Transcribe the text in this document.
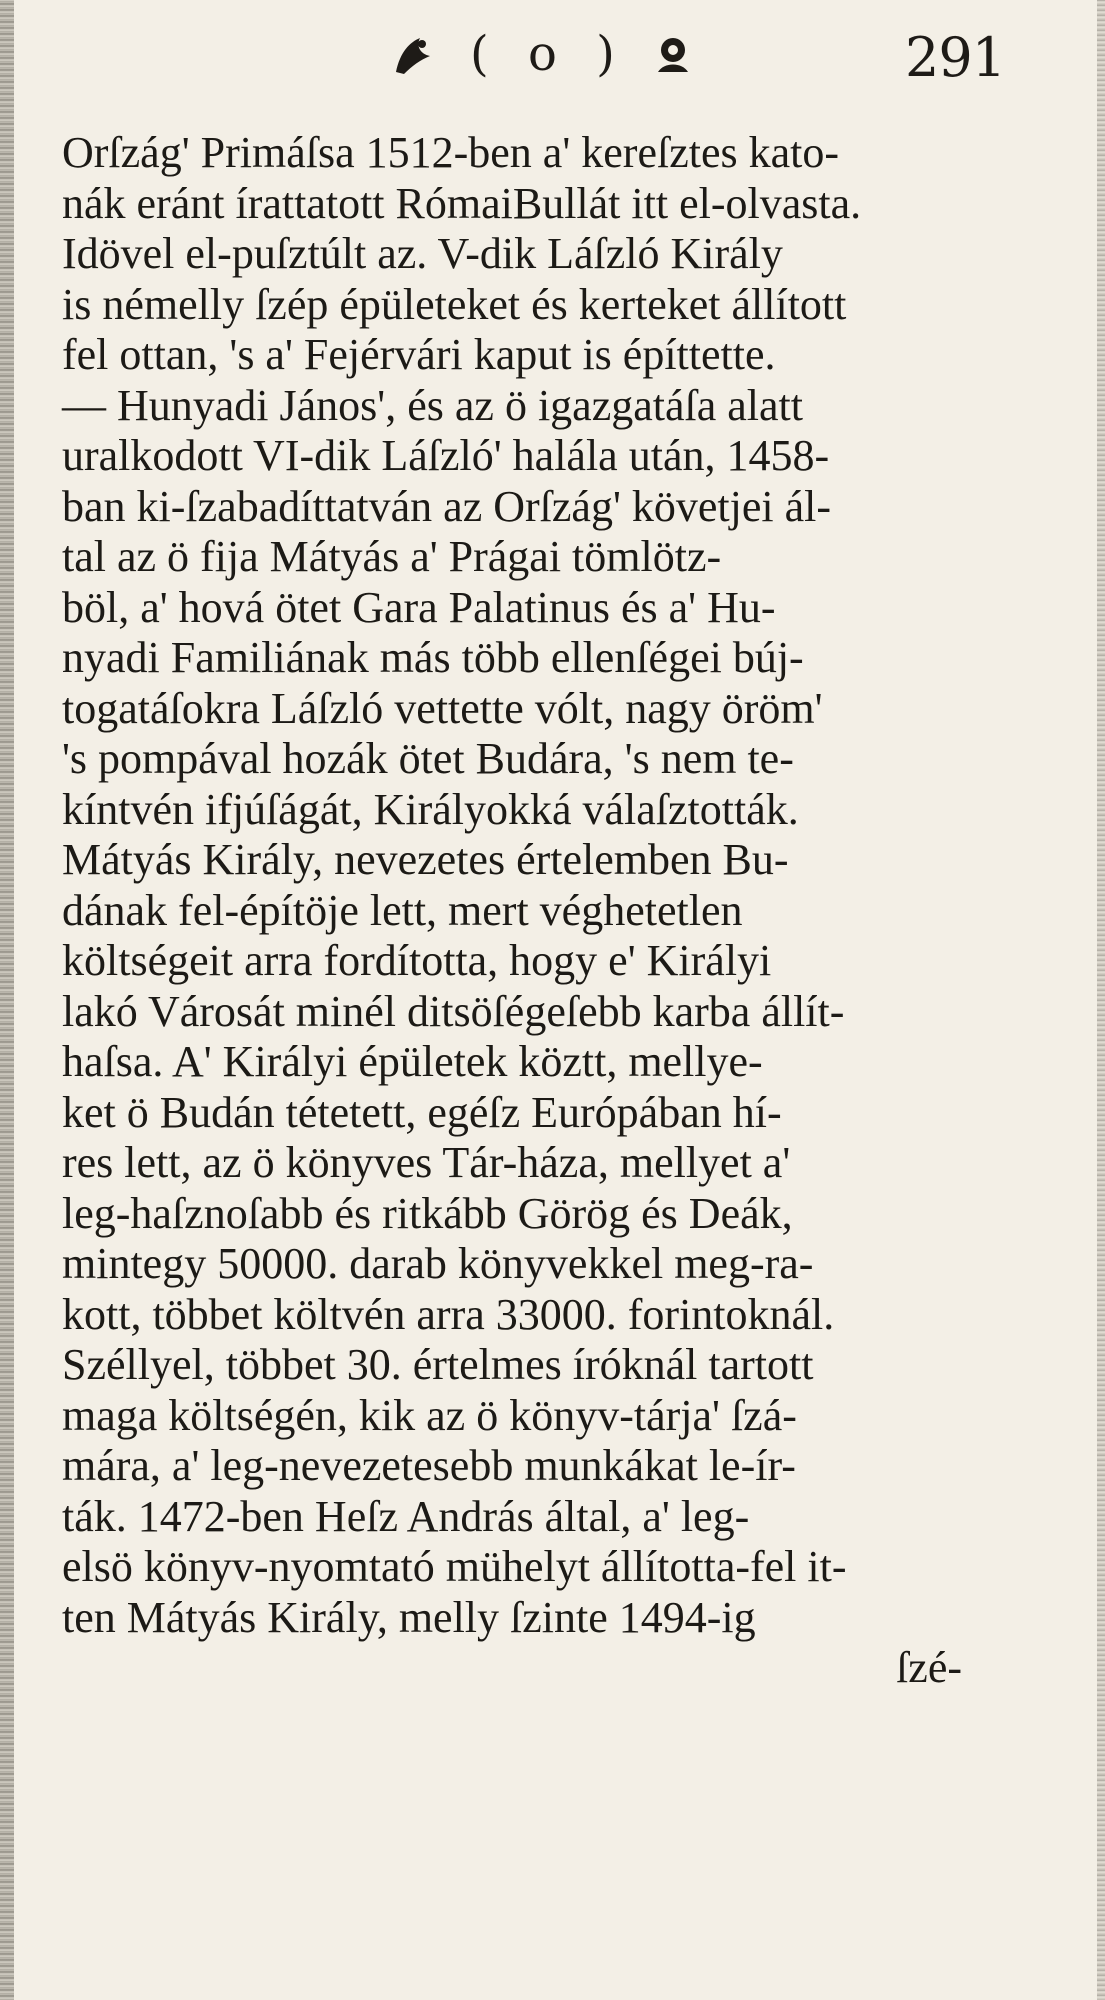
( o )	291
Orſzág' Primáſsa 1512-ben a' kereſztes kato-
nák eránt írattatott RómaiBullát itt el-olvasta.
Idövel el-puſztúlt az. V-dik Láſzló Király
is némelly ſzép épületeket és kerteket állított
fel ottan, 's a' Fejérvári kaput is építtette.
— Hunyadi János', és az ö igazgatáſa alatt
uralkodott VI-dik Láſzló' halála után, 1458-
ban ki-ſzabadíttatván az Orſzág' követjei ál-
tal az ö fija Mátyás a' Prágai tömlötz-
böl, a' hová ötet Gara Palatinus és a' Hu-
nyadi Familiának más több ellenſégei búj-
togatáſokra Láſzló vettette vólt, nagy öröm'
's pompával hozák ötet Budára, 's nem te-
kíntvén ifjúſágát, Királyokká válaſztották.
Mátyás Király, nevezetes értelemben Bu-
dának fel-építöje lett, mert véghetetlen
költségeit arra fordította, hogy e' Királyi
lakó Városát minél ditsöſégeſebb karba állít-
haſsa. A' Királyi épületek köztt, mellye-
ket ö Budán tétetett, egéſz Európában hí-
res lett, az ö könyves Tár-háza, mellyet a'
leg-haſznoſabb és ritkább Görög és Deák,
mintegy 50000. darab könyvekkel meg-ra-
kott, többet költvén arra 33000. forintoknál.
Széllyel, többet 30. értelmes íróknál tartott
maga költségén, kik az ö könyv-tárja' ſzá-
mára, a' leg-nevezetesebb munkákat le-ír-
ták. 1472-ben Heſz András által, a' leg-
elsö könyv-nyomtató mühelyt állította-fel it-
ten Mátyás Király, melly ſzinte 1494-ig
ſzé-
